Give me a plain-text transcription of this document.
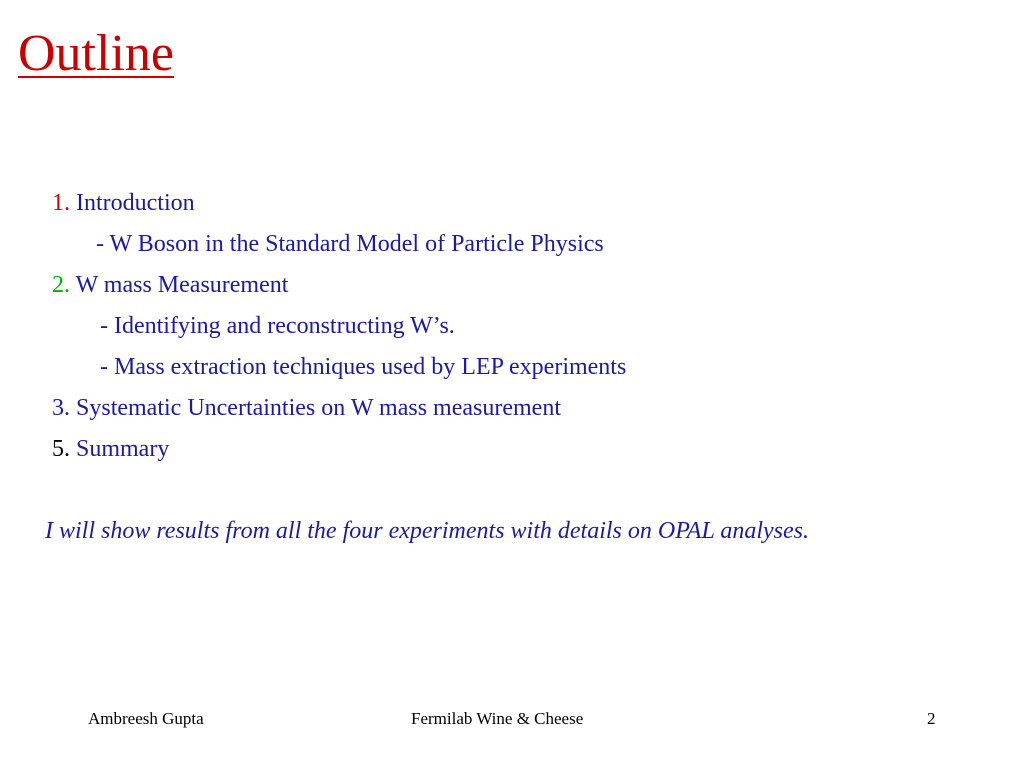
Outline
1. Introduction
- W Boson in the Standard Model of Particle Physics
2. W mass Measurement
- Identifying and reconstructing W’s.
- Mass extraction techniques used by LEP experiments
3. Systematic Uncertainties on W mass measurement
5. Summary
I will show results from all the four experiments with details on OPAL analyses.
Ambreesh Gupta	Fermilab Wine & Cheese	2
